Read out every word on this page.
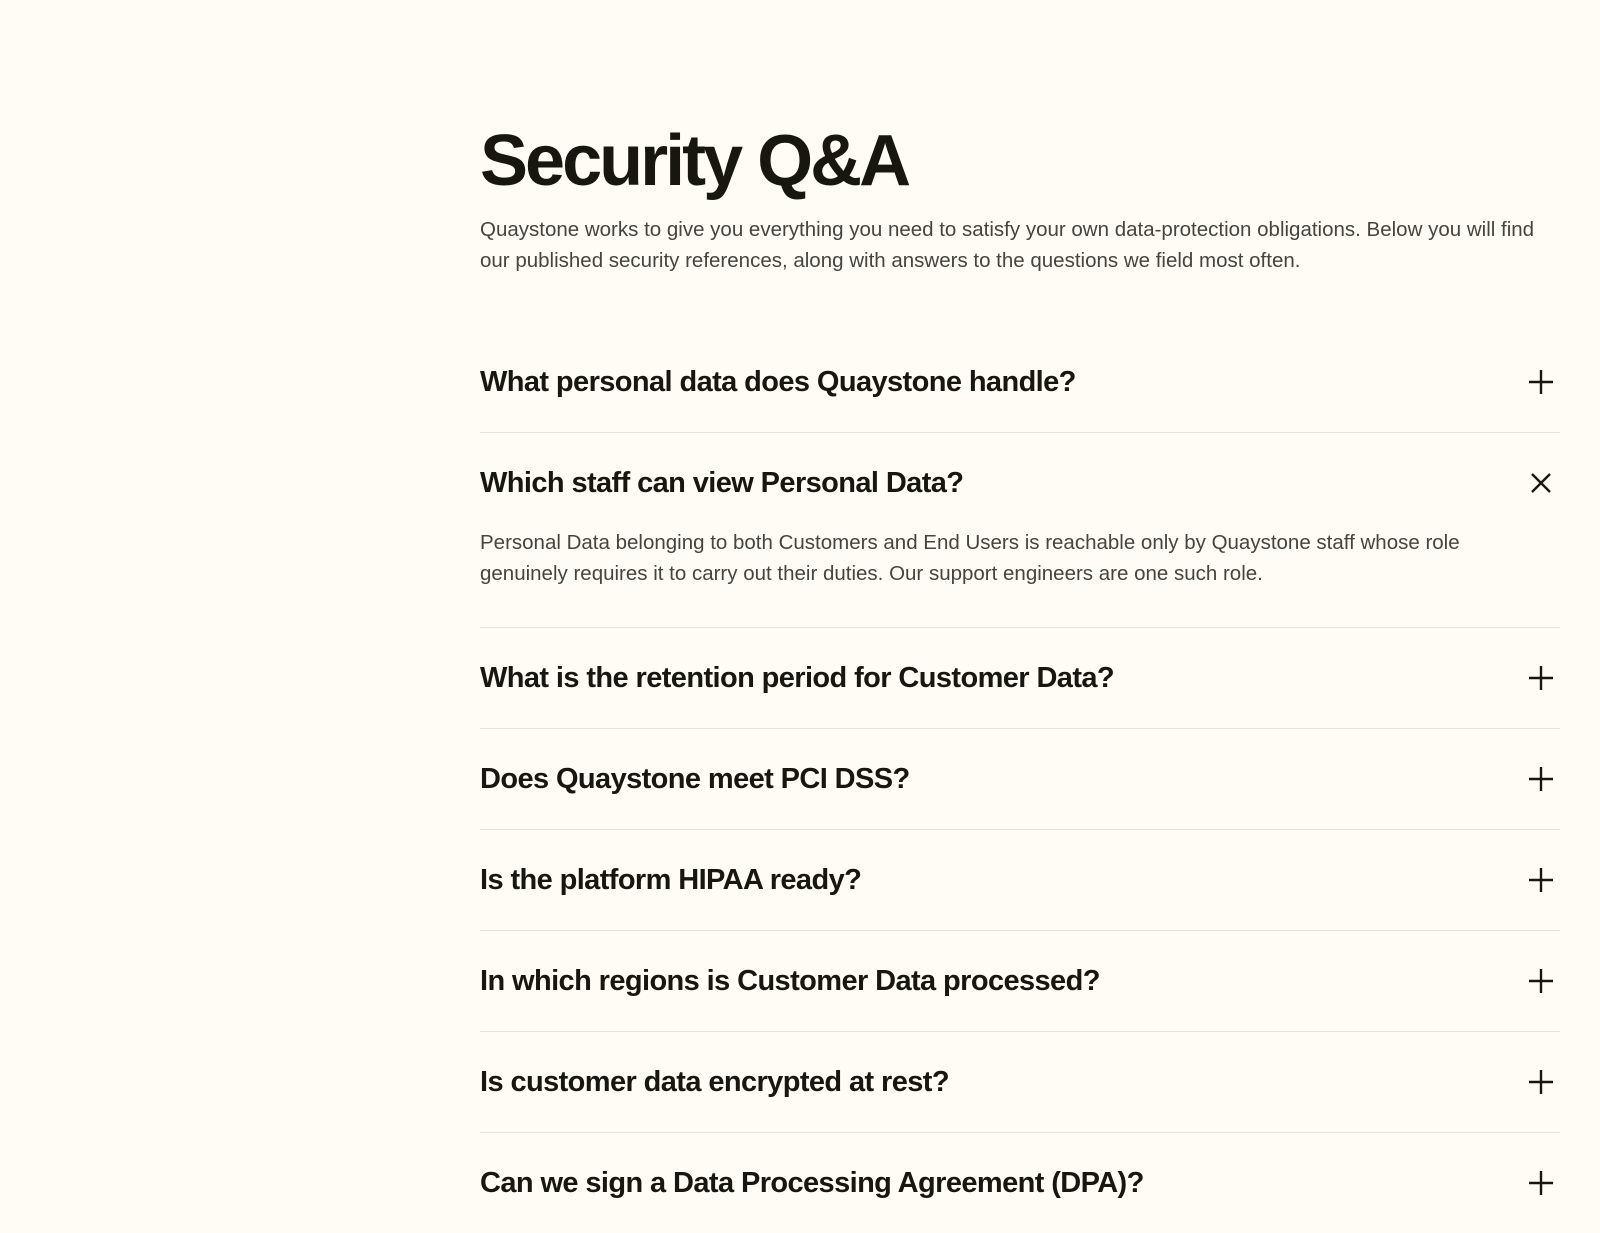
Security Q&A

Quaystone works to give you everything you need to satisfy your own data-protection obligations. Below you will find our published security references, along with answers to the questions we field most often.

What personal data does Quaystone handle?
Which staff can view Personal Data?

Personal Data belonging to both Customers and End Users is reachable only by Quaystone staff whose role genuinely requires it to carry out their duties. Our support engineers are one such role.

What is the retention period for Customer Data?
Does Quaystone meet PCI DSS?
Is the platform HIPAA ready?
In which regions is Customer Data processed?
Is customer data encrypted at rest?
Can we sign a Data Processing Agreement (DPA)?
